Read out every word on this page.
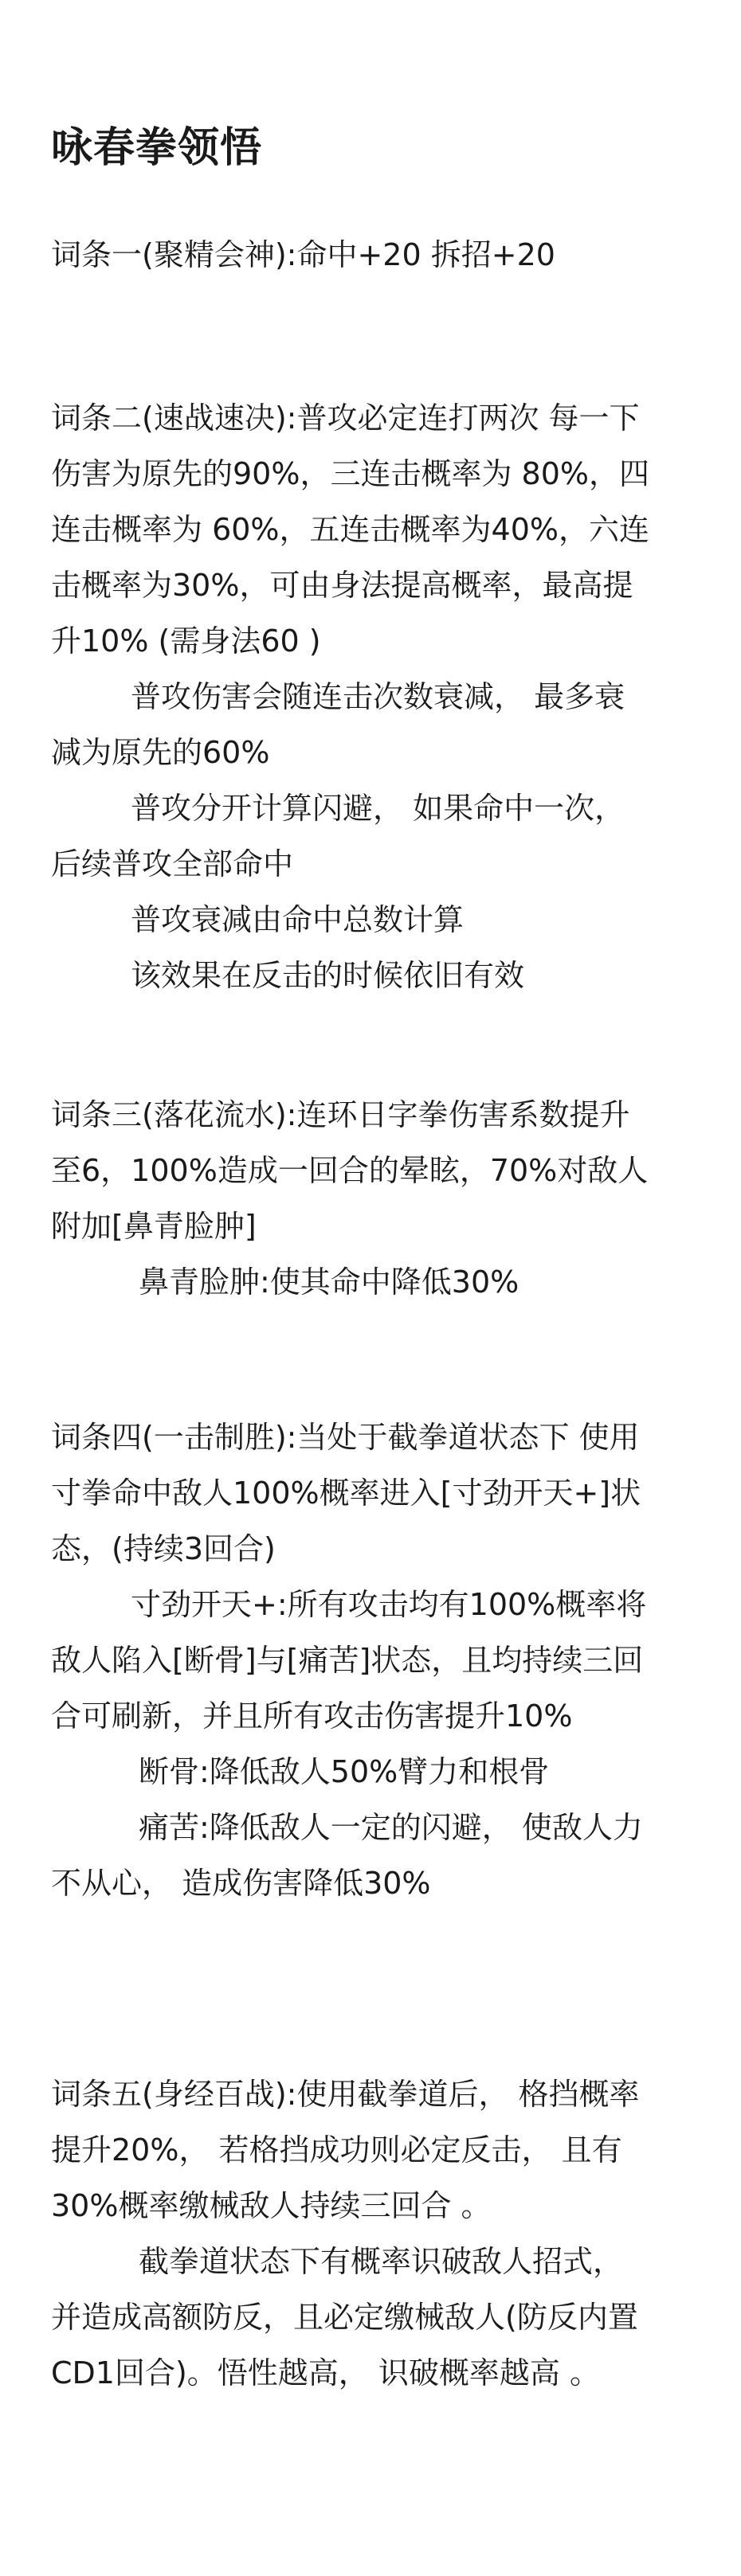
咏春拳领悟
词条一(聚精会神):命中+20 拆招+20
词条二(速战速决):普攻必定连打两次 每一下
伤害为原先的90%，三连击概率为 80%，四
连击概率为 60%，五连击概率为40%，六连
击概率为30%，可由身法提高概率，最高提
升10% (需身法60 )
普攻伤害会随连击次数衰减， 最多衰
减为原先的60%
普攻分开计算闪避， 如果命中一次，
后续普攻全部命中
普攻衰减由命中总数计算
该效果在反击的时候依旧有效
词条三(落花流水):连环日字拳伤害系数提升
至6，100%造成一回合的晕眩，70%对敌人
附加[鼻青脸肿]
鼻青脸肿:使其命中降低30%
词条四(一击制胜):当处于截拳道状态下 使用
寸拳命中敌人100%概率进入[寸劲开天+]状
态，(持续3回合)
寸劲开天+:所有攻击均有100%概率将
敌人陷入[断骨]与[痛苦]状态，且均持续三回
合可刷新，并且所有攻击伤害提升10%
断骨:降低敌人50%臂力和根骨
痛苦:降低敌人一定的闪避， 使敌人力
不从心， 造成伤害降低30%
词条五(身经百战):使用截拳道后， 格挡概率
提升20%， 若格挡成功则必定反击， 且有
30%概率缴械敌人持续三回合 。
截拳道状态下有概率识破敌人招式，
并造成高额防反，且必定缴械敌人(防反内置
CD1回合)。悟性越高， 识破概率越高 。
